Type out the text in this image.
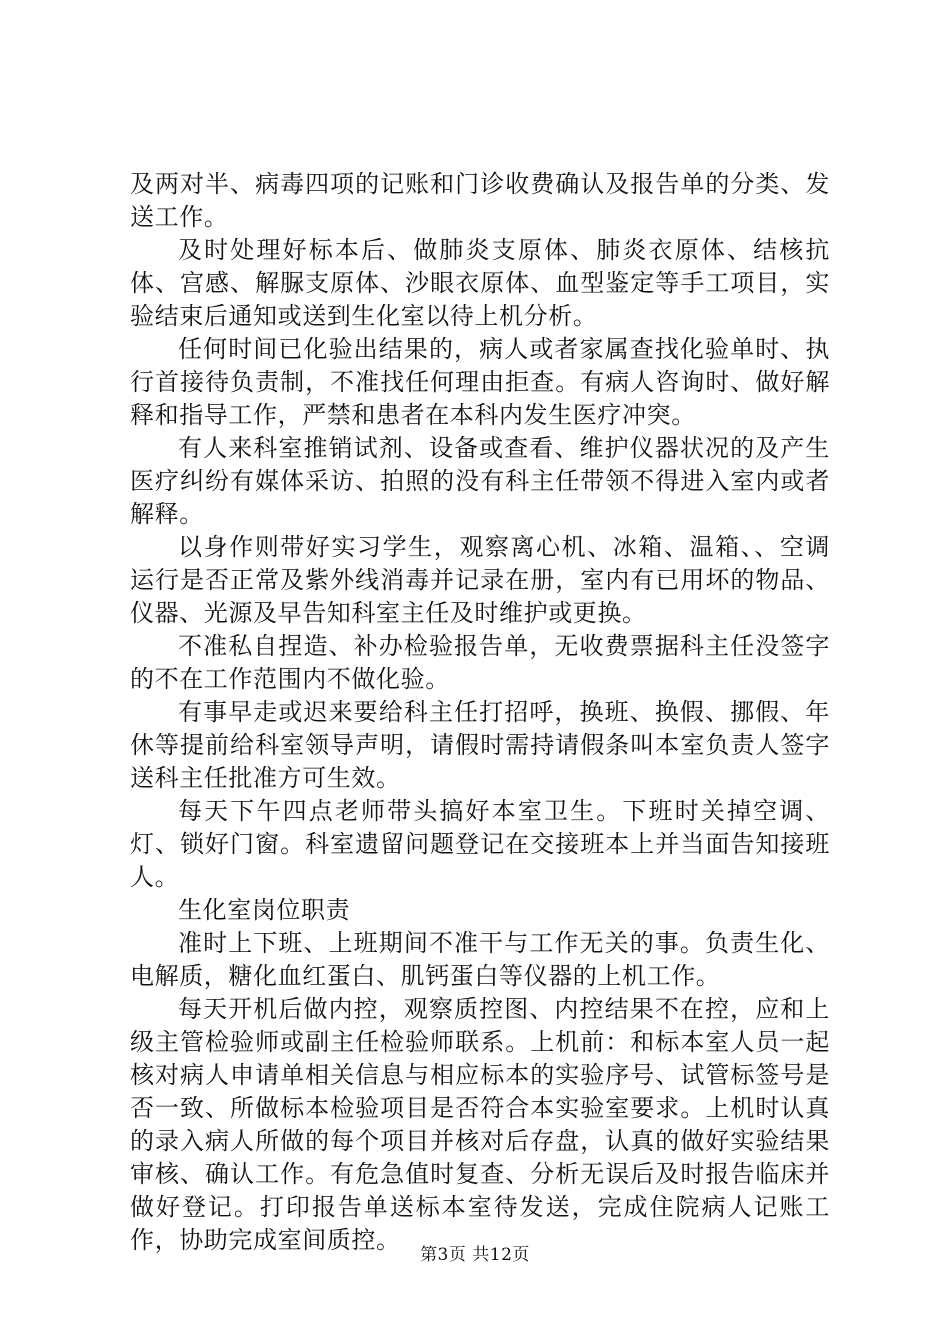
及两对半、病毒四项的记账和门诊收费确认及报告单的分类、发送工作。

及时处理好标本后、做肺炎支原体、肺炎衣原体、结核抗体、宫感、解脲支原体、沙眼衣原体、血型鉴定等手工项目，实验结束后通知或送到生化室以待上机分析。

任何时间已化验出结果的，病人或者家属查找化验单时、执行首接待负责制，不准找任何理由拒查。有病人咨询时、做好解释和指导工作，严禁和患者在本科内发生医疗冲突。

有人来科室推销试剂、设备或查看、维护仪器状况的及产生医疗纠纷有媒体采访、拍照的没有科主任带领不得进入室内或者解释。

以身作则带好实习学生，观察离心机、冰箱、温箱、、空调运行是否正常及紫外线消毒并记录在册，室内有已用坏的物品、仪器、光源及早告知科室主任及时维护或更换。

不准私自捏造、补办检验报告单，无收费票据科主任没签字的不在工作范围内不做化验。

有事早走或迟来要给科主任打招呼，换班、换假、挪假、年休等提前给科室领导声明，请假时需持请假条叫本室负责人签字送科主任批准方可生效。

每天下午四点老师带头搞好本室卫生。下班时关掉空调、灯、锁好门窗。科室遗留问题登记在交接班本上并当面告知接班人。

生化室岗位职责

准时上下班、上班期间不准干与工作无关的事。负责生化、电解质，糖化血红蛋白、肌钙蛋白等仪器的上机工作。

每天开机后做内控，观察质控图、内控结果不在控，应和上级主管检验师或副主任检验师联系。上机前：和标本室人员一起核对病人申请单相关信息与相应标本的实验序号、试管标签号是否一致、所做标本检验项目是否符合本实验室要求。上机时认真的录入病人所做的每个项目并核对后存盘，认真的做好实验结果审核、确认工作。有危急值时复查、分析无误后及时报告临床并做好登记。打印报告单送标本室待发送，完成住院病人记账工作，协助完成室间质控。

第3页 共12页
